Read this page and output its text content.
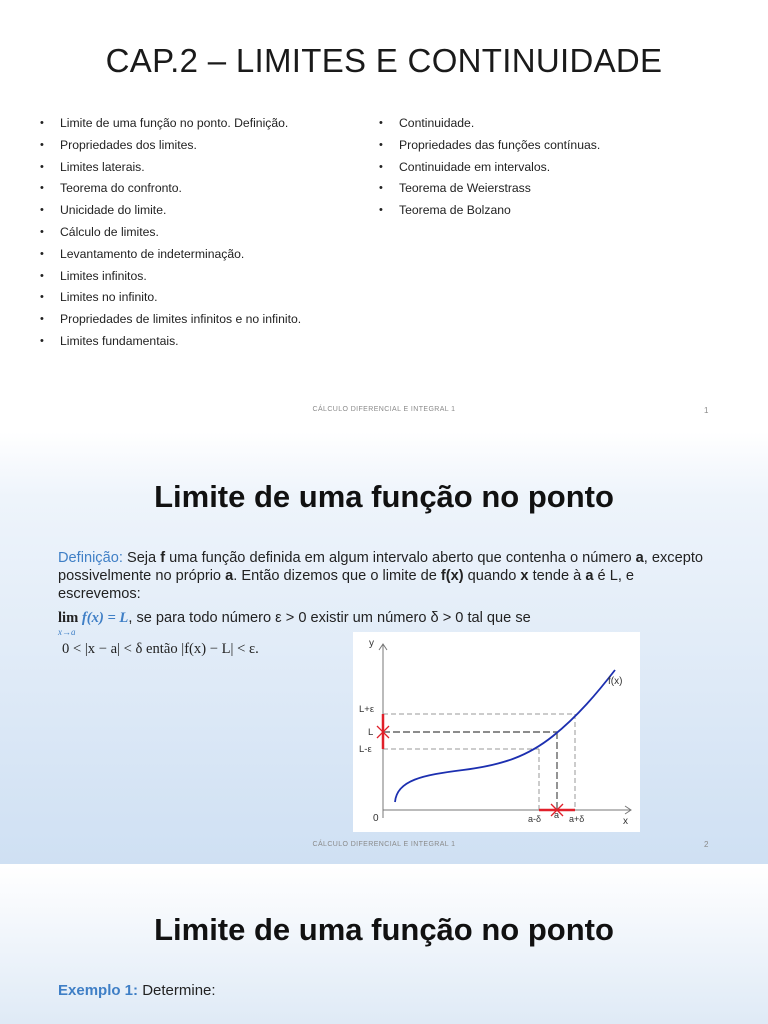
CAP.2 – LIMITES E CONTINUIDADE
• Limite de uma função no ponto. Definição.
• Propriedades dos limites.
• Limites laterais.
• Teorema do confronto.
• Unicidade do limite.
• Cálculo de limites.
• Levantamento de indeterminação.
• Limites infinitos.
• Limites no infinito.
• Propriedades de limites infinitos e no infinito.
• Limites fundamentais.
• Continuidade.
• Propriedades das funções contínuas.
• Continuidade em intervalos.
• Teorema de Weierstrass
• Teorema de Bolzano
CÁLCULO DIFERENCIAL E INTEGRAL 1	1
Limite de uma função no ponto
Definição: Seja f uma função definida em algum intervalo aberto que contenha o número a, excepto possivelmente no próprio a. Então dizemos que o limite de f(x) quando x tende à a é L, e escrevemos:
lim
x→a
f(x) = L, se para todo número ε > 0 existir um número δ > 0 tal que se
0 < |x − a| < δ então |f(x) − L| < ε.	y
x
0
f(x)
L+ε
L
L-ε
a-δ a a+δ
CÁLCULO DIFERENCIAL E INTEGRAL 1	2
Limite de uma função no ponto
Exemplo 1: Determine:
